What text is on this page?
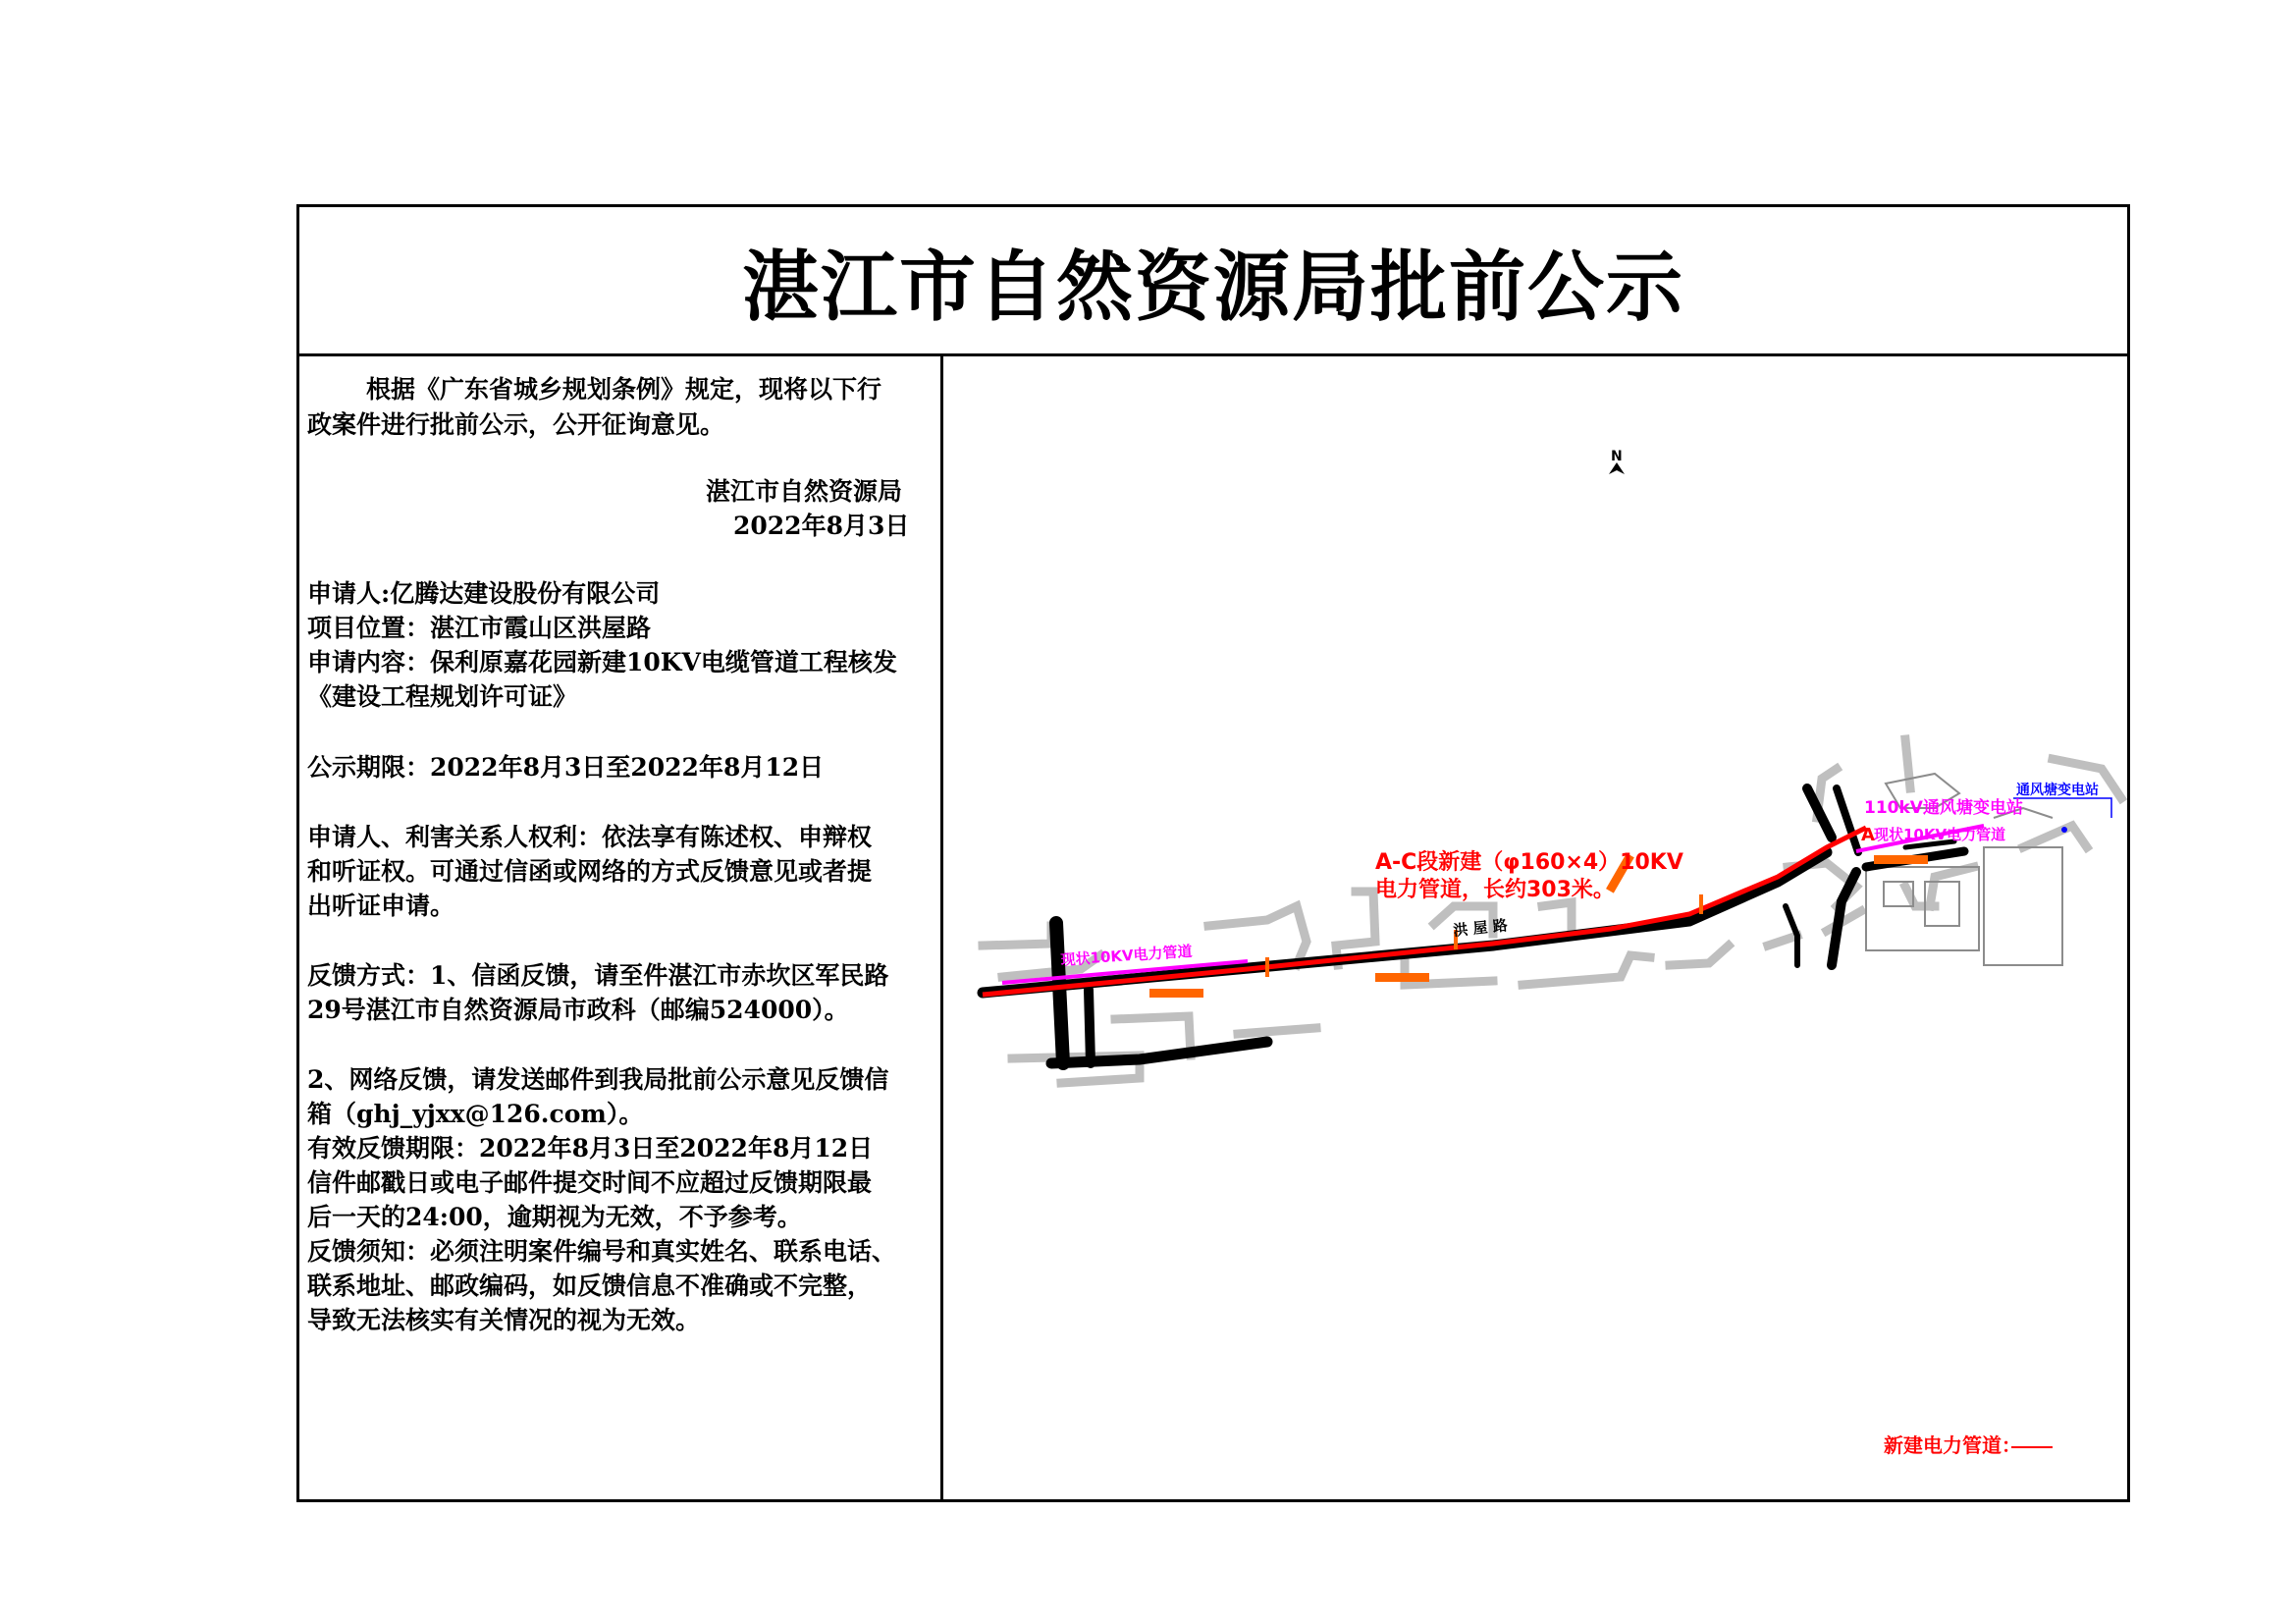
湛江市自然资源局批前公示
根据《广东省城乡规划条例》规定，现将以下行
政案件进行批前公示，公开征询意见。
湛江市自然资源局
2022年8月3日
申请人:亿腾达建设股份有限公司
项目位置：湛江市霞山区洪屋路
申请内容：保利原嘉花园新建10KV电缆管道工程核发
《建设工程规划许可证》
公示期限：2022年8月3日至2022年8月12日
申请人、利害关系人权利：依法享有陈述权、申辩权
和听证权。可通过信函或网络的方式反馈意见或者提
出听证申请。
反馈方式：1、信函反馈，请至件湛江市赤坎区军民路
29号湛江市自然资源局市政科（邮编524000）。
2、网络反馈，请发送邮件到我局批前公示意见反馈信
箱（ghj_yjxx@126.com）。
有效反馈期限：2022年8月3日至2022年8月12日
信件邮戳日或电子邮件提交时间不应超过反馈期限最
后一天的24:00，逾期视为无效，不予参考。
反馈须知：必须注明案件编号和真实姓名、联系电话、
联系地址、邮政编码，如反馈信息不准确或不完整，
导致无法核实有关情况的视为无效。
通风塘变电站
A-C段新建（φ160×4）10KV
电力管道，长约303米。
110kV通风塘变电站
现状10KV电力管道
现状10KV电力管道
洪 屋 路
A
N
新建电力管道：
